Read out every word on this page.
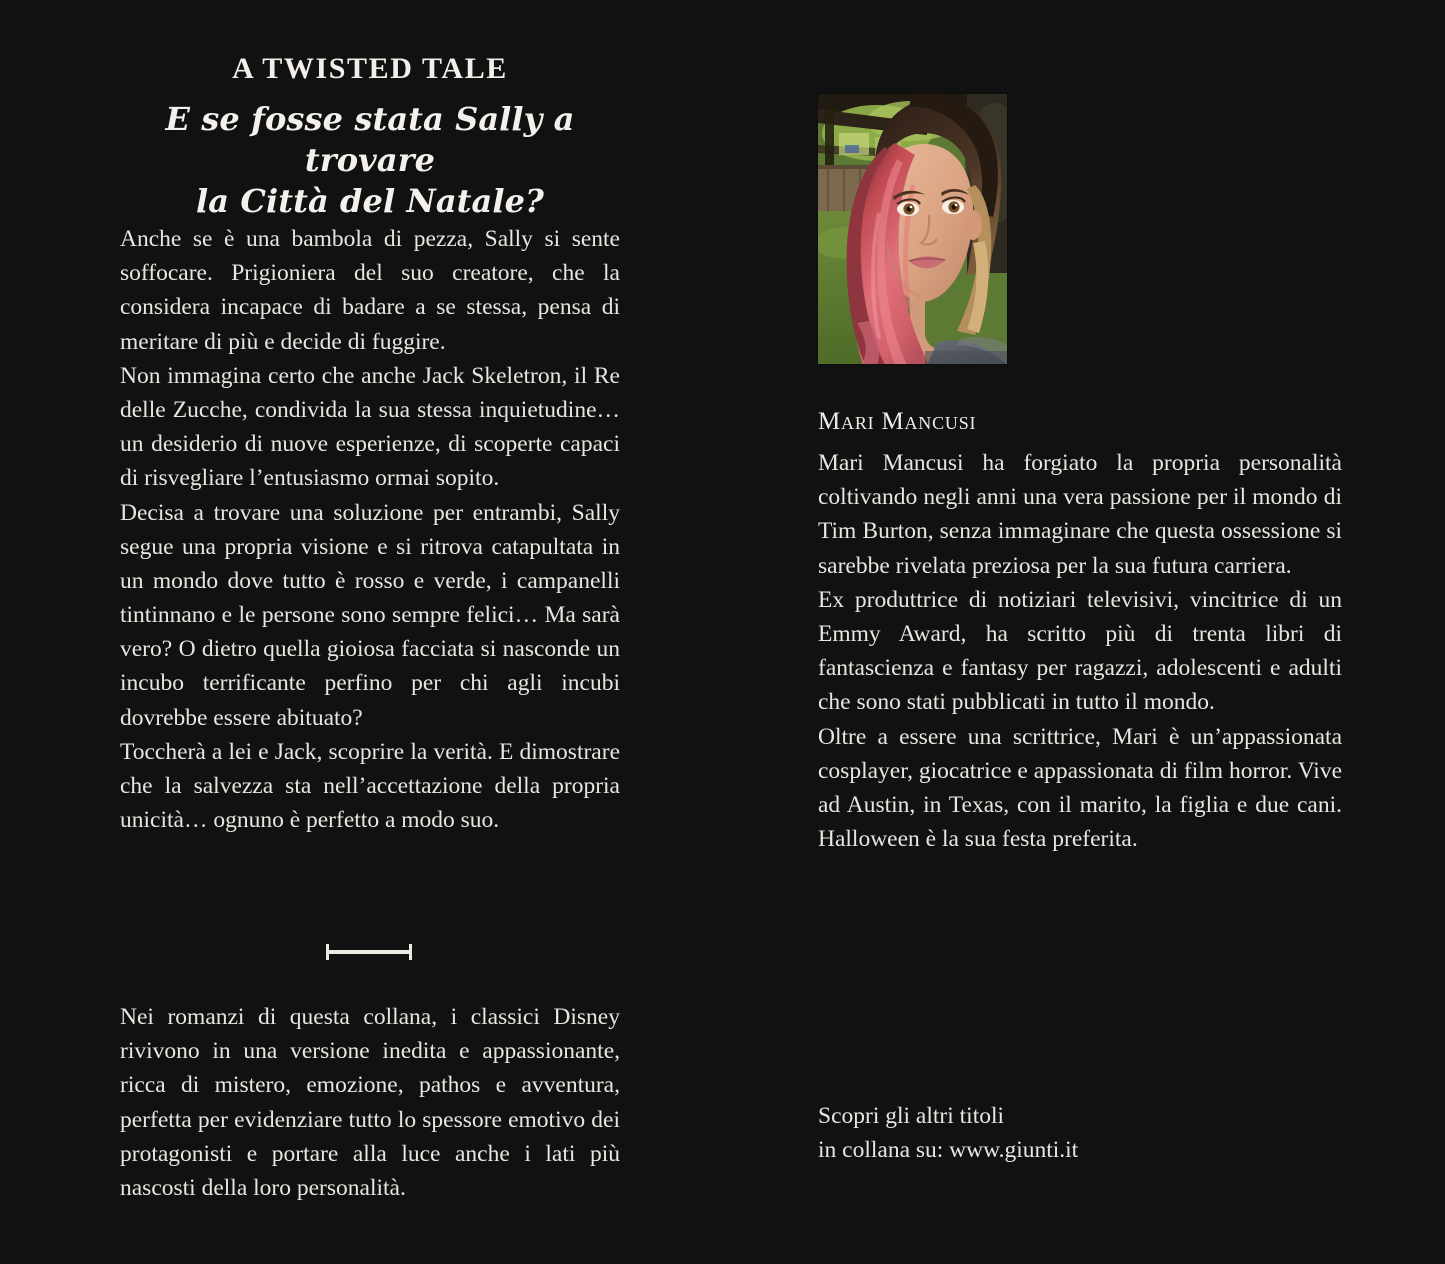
A TWISTED TALE
E se fosse stata Sally a trovare
la Città del Natale?

Anche se è una bambola di pezza, Sally si sente soffocare. Prigioniera del suo creatore, che la considera incapace di badare a se stessa, pensa di meritare di più e decide di fuggire.

Non immagina certo che anche Jack Skeletron, il Re delle Zucche, condivida la sua stessa inquietudine… un desiderio di nuove esperienze, di scoperte capaci di risvegliare l’entusiasmo ormai sopito.

Decisa a trovare una soluzione per entrambi, Sally segue una propria visione e si ritrova catapultata in un mondo dove tutto è rosso e verde, i campanelli tintinnano e le persone sono sempre felici… Ma sarà vero? O dietro quella gioiosa facciata si nasconde un incubo terrificante perfino per chi agli incubi dovrebbe essere abituato?

Toccherà a lei e Jack, scoprire la verità. E dimostrare che la salvezza sta nell’accettazione della propria unicità… ognuno è perfetto a modo suo.

Nei romanzi di questa collana, i classici Disney rivivono in una versione inedita e appassionante, ricca di mistero, emozione, pathos e avventura, perfetta per evidenziare tutto lo spessore emotivo dei protagonisti e portare alla luce anche i lati più nascosti della loro personalità.

Mari Mancusi

Mari Mancusi ha forgiato la propria personalità coltivando negli anni una vera passione per il mondo di Tim Burton, senza immaginare che questa ossessione si sarebbe rivelata preziosa per la sua futura carriera.

Ex produttrice di notiziari televisivi, vincitrice di un Emmy Award, ha scritto più di trenta libri di fantascienza e fantasy per ragazzi, adolescenti e adulti che sono stati pubblicati in tutto il mondo.

Oltre a essere una scrittrice, Mari è un’appassionata cosplayer, giocatrice e appassionata di film horror. Vive ad Austin, in Texas, con il marito, la figlia e due cani. Halloween è la sua festa preferita.

Scopri gli altri titoli
in collana su: www.giunti.it
